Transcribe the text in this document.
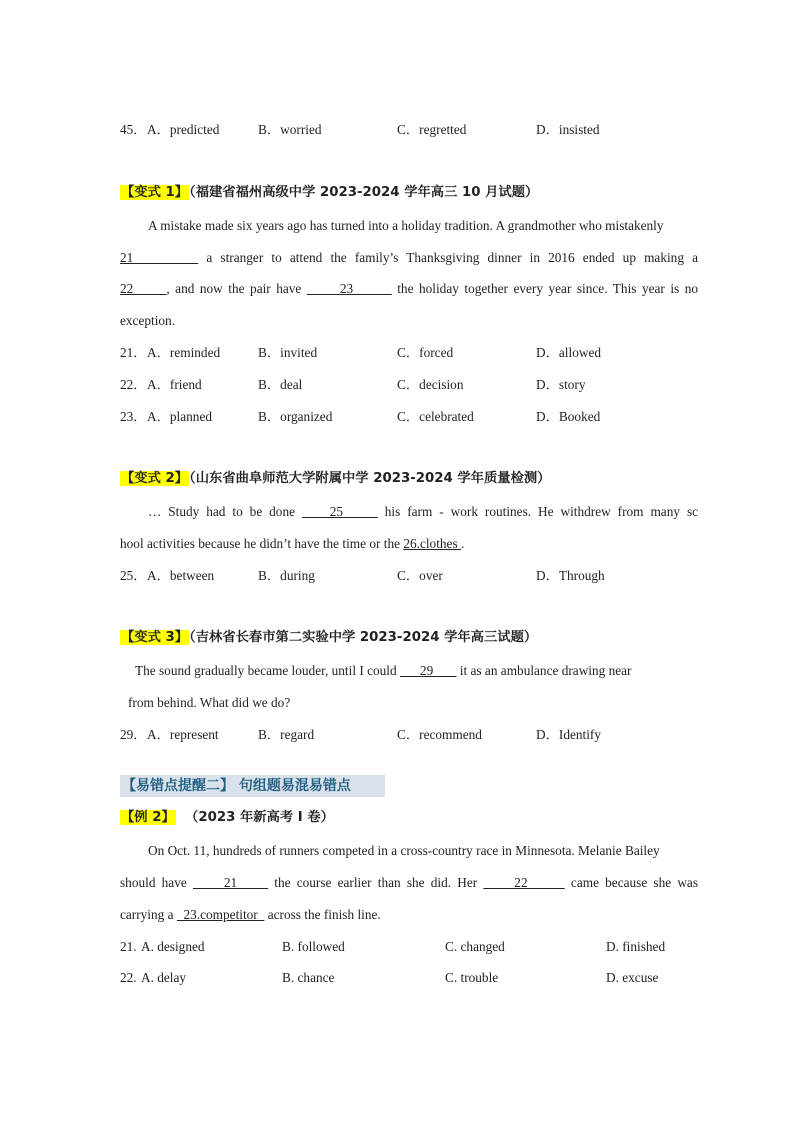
45． A．predicted	B．worried	C．regretted	D．insisted
【变式 1】（福建省福州高级中学 2023-2024 学年高三 10 月试题）
A mistake made six years ago has turned into a holiday tradition. A grandmother who mistakenly
21         a stranger to attend the family’s Thanksgiving dinner in 2016 ended up making a
22      , and now the pair have       23        the holiday together every year since. This year is no
exception.
21． A．reminded	B．invited	C．forced	D．allowed
22． A．friend	B．deal	C．decision	D．story
23． A．planned	B．organized	C．celebrated	D．Booked
【变式 2】（山东省曲阜师范大学附属中学 2023-2024 学年质量检测）
… Study had to be done     25      his farm - work routines. He withdrew from many sc
hool activities because he didn’t have the time or the 26.clothes .
25． A．between	B．during	C．over	D．Through
【变式 3】（吉林省长春市第二实验中学 2023-2024 学年高三试题）
The sound gradually became louder, until I could       29        it as an ambulance drawing near
from behind. What did we do?
29． A．represent	B．regard	C．recommend	D．Identify
【易错点提醒二】 句组题易混易错点
【例 2】 （2023 年新高考 I 卷）
On Oct. 11, hundreds of runners competed in a cross-country race in Minnesota. Melanie Bailey
should have      21      the course earlier than she did. Her      22       came because she was
carrying a   23.competitor   across the finish line.
21. A. designed	B. followed	C. changed	D. finished
22. A. delay	B. chance	C. trouble	D. excuse
